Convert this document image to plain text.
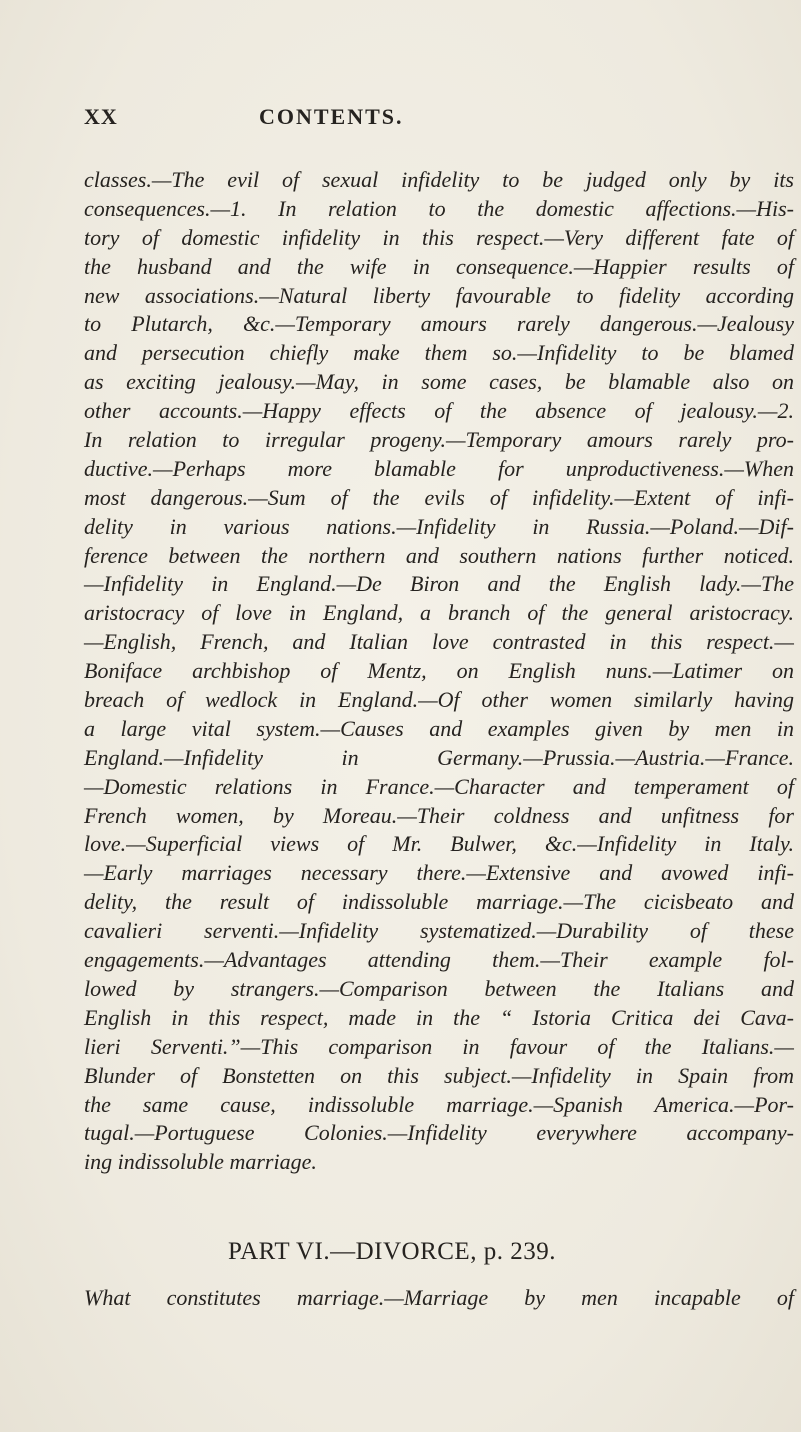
XX	CONTENTS.
classes.—The evil of sexual infidelity to be judged only by its
consequences.—1. In relation to the domestic affections.—His-
tory of domestic infidelity in this respect.—Very different fate of
the husband and the wife in consequence.—Happier results of
new associations.—Natural liberty favourable to fidelity according
to Plutarch, &c.—Temporary amours rarely dangerous.—Jealousy
and persecution chiefly make them so.—Infidelity to be blamed
as exciting jealousy.—May, in some cases, be blamable also on
other accounts.—Happy effects of the absence of jealousy.—2.
In relation to irregular progeny.—Temporary amours rarely pro-
ductive.—Perhaps more blamable for unproductiveness.—When
most dangerous.—Sum of the evils of infidelity.—Extent of infi-
delity in various nations.—Infidelity in Russia.—Poland.—Dif-
ference between the northern and southern nations further noticed.
—Infidelity in England.—De Biron and the English lady.—The
aristocracy of love in England, a branch of the general aristocracy.
—English, French, and Italian love contrasted in this respect.—
Boniface archbishop of Mentz, on English nuns.—Latimer on
breach of wedlock in England.—Of other women similarly having
a large vital system.—Causes and examples given by men in
England.—Infidelity in Germany.—Prussia.—Austria.—France.
—Domestic relations in France.—Character and temperament of
French women, by Moreau.—Their coldness and unfitness for
love.—Superficial views of Mr. Bulwer, &c.—Infidelity in Italy.
—Early marriages necessary there.—Extensive and avowed infi-
delity, the result of indissoluble marriage.—The cicisbeato and
cavalieri serventi.—Infidelity systematized.—Durability of these
engagements.—Advantages attending them.—Their example fol-
lowed by strangers.—Comparison between the Italians and
English in this respect, made in the “ Istoria Critica dei Cava-
lieri Serventi.”—This comparison in favour of the Italians.—
Blunder of Bonstetten on this subject.—Infidelity in Spain from
the same cause, indissoluble marriage.—Spanish America.—Por-
tugal.—Portuguese Colonies.—Infidelity everywhere accompany-
ing indissoluble marriage.
PART VI.—DIVORCE, p. 239.
What constitutes marriage.—Marriage by men incapable of
